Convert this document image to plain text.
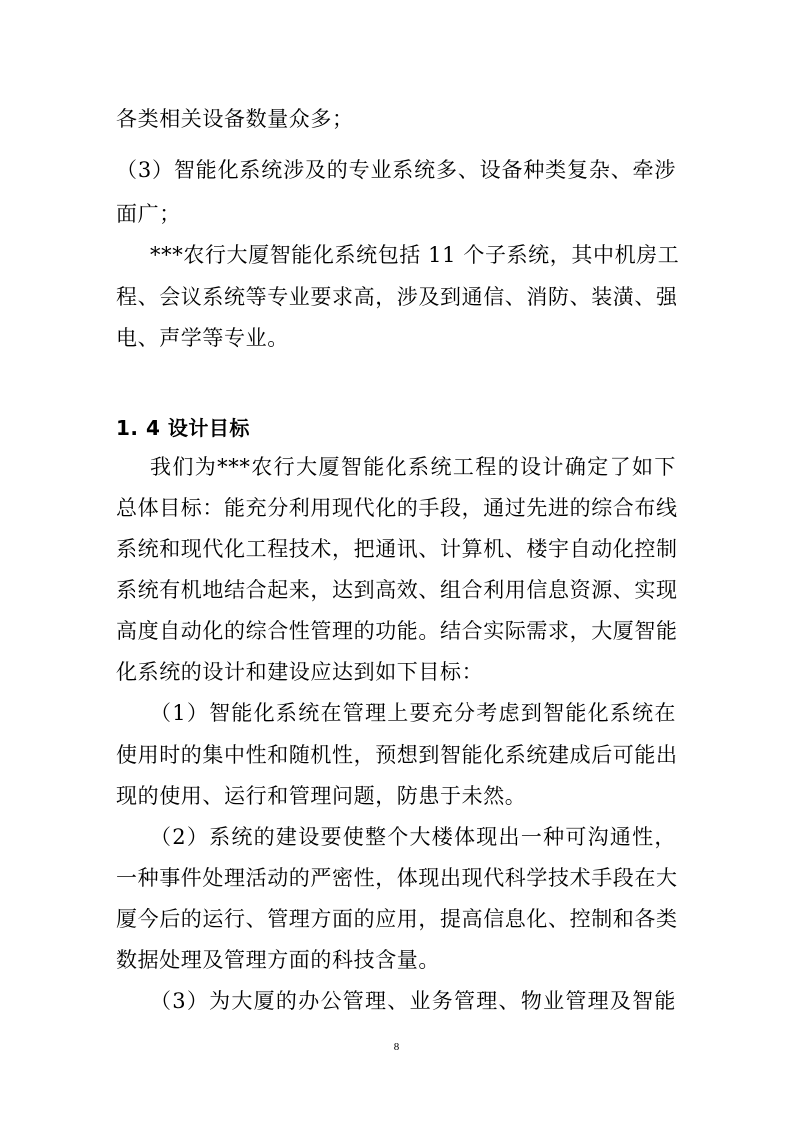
各类相关设备数量众多；
（3）智能化系统涉及的专业系统多、设备种类复杂、牵涉
面广；
***农行大厦智能化系统包括 11 个子系统，其中机房工
程、会议系统等专业要求高，涉及到通信、消防、装潢、强
电、声学等专业。
1. 4 设计目标
我们为***农行大厦智能化系统工程的设计确定了如下
总体目标：能充分利用现代化的手段，通过先进的综合布线
系统和现代化工程技术，把通讯、计算机、楼宇自动化控制
系统有机地结合起来，达到高效、组合利用信息资源、实现
高度自动化的综合性管理的功能。结合实际需求，大厦智能
化系统的设计和建设应达到如下目标：
（1）智能化系统在管理上要充分考虑到智能化系统在
使用时的集中性和随机性，预想到智能化系统建成后可能出
现的使用、运行和管理问题，防患于未然。
（2）系统的建设要使整个大楼体现出一种可沟通性，
一种事件处理活动的严密性，体现出现代科学技术手段在大
厦今后的运行、管理方面的应用，提高信息化、控制和各类
数据处理及管理方面的科技含量。
（3）为大厦的办公管理、业务管理、物业管理及智能
8
